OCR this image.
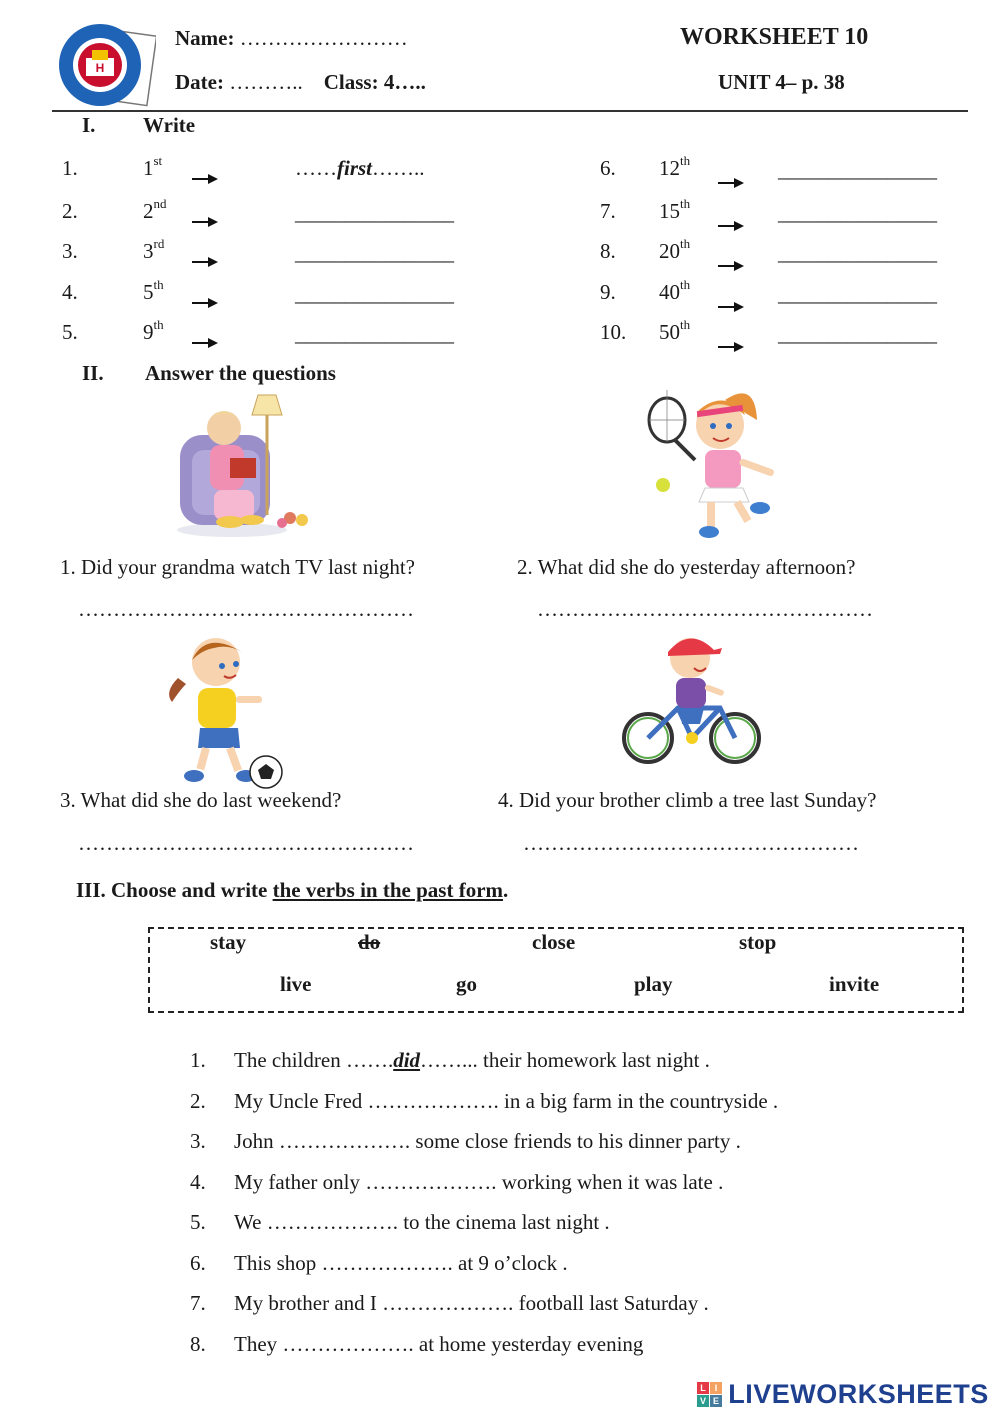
H
Name: ……………………
Date: ……….. Class: 4…..
WORKSHEET 10
UNIT 4– p. 38
I. Write
1.	1st	……first……..
2.	2nd	________________
3.	3rd	________________
4.	5th	________________
5.	9th	________________
6. 12th	________________
7. 15th	________________
8. 20th	________________
9. 40th	________________
10. 50th	________________
II. Answer the questions
1. Did your grandma watch TV last night?
…………………………………………
2. What did she do yesterday afternoon?
…………………………………………
3. What did she do last weekend?
…………………………………………
4. Did your brother climb a tree last Sunday?
…………………………………………
III. Choose and write the verbs in the past form.
stay	do	close	stop
live	go	play	invite
1. The children …….did……... their homework last night .
2. My Uncle Fred ………………. in a big farm in the countryside .
3. John ………………. some close friends to his dinner party .
4. My father only ………………. working when it was late .
5. We ………………. to the cinema last night .
6. This shop ………………. at 9 o’clock .
7. My brother and I ………………. football last Saturday .
8. They ………………. at home yesterday evening
L I
V E LIVEWORKSHEETS
